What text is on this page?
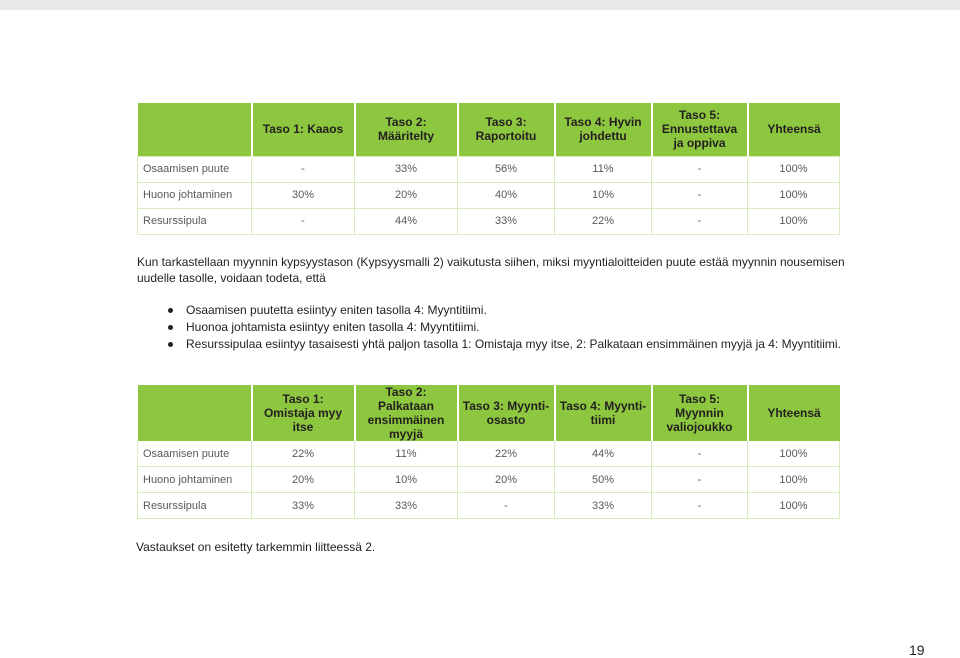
	Taso 1: Kaaos	Taso 2: Määritelty	Taso 3: Raportoitu	Taso 4: Hyvin johdettu	Taso 5: Ennustettava ja oppiva	Yhteensä
Osaamisen puute	-	33%	56%	11%	-	100%
Huono johtaminen	30%	20%	40%	10%	-	100%
Resurssipula	-	44%	33%	22%	-	100%
Kun tarkastellaan myynnin kypsyystason (Kypsyysmalli 2) vaikutusta siihen, miksi myyntialoitteiden puute estää myynnin nousemisen uudelle tasolle, voidaan todeta, että
Osaamisen puutetta esiintyy eniten tasolla 4: Myyntitiimi.
Huonoa johtamista esiintyy eniten tasolla 4: Myyntitiimi.
Resurssipulaa esiintyy tasaisesti yhtä paljon tasolla 1: Omistaja myy itse, 2: Palkataan ensimmäinen myyjä ja 4: Myyntitiimi.
	Taso 1: Omistaja myy itse	Taso 2: Palkataan ensimmäinen myyjä	Taso 3: Myynti-osasto	Taso 4: Myynti-tiimi	Taso 5: Myynnin valiojoukko	Yhteensä
Osaamisen puute	22%	11%	22%	44%	-	100%
Huono johtaminen	20%	10%	20%	50%	-	100%
Resurssipula	33%	33%	-	33%	-	100%
Vastaukset on esitetty tarkemmin liitteessä 2.
19
